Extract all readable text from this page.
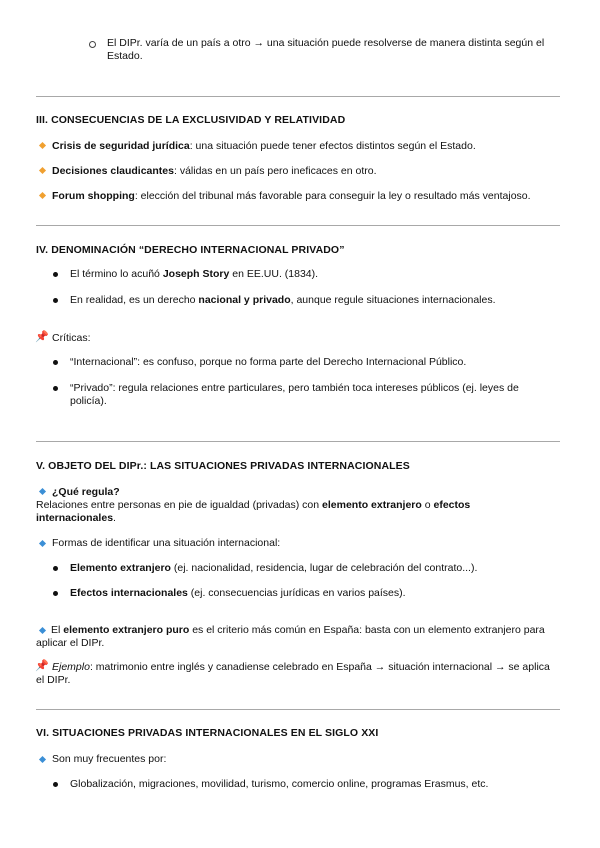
El DIPr. varía de un país a otro → una situación puede resolverse de manera distinta según el Estado.
III. CONSECUENCIAS DE LA EXCLUSIVIDAD Y RELATIVIDAD
Crisis de seguridad jurídica: una situación puede tener efectos distintos según el Estado.
Decisiones claudicantes: válidas en un país pero ineficaces en otro.
Forum shopping: elección del tribunal más favorable para conseguir la ley o resultado más ventajoso.
IV. DENOMINACIÓN “DERECHO INTERNACIONAL PRIVADO”
El término lo acuñó Joseph Story en EE.UU. (1834).
En realidad, es un derecho nacional y privado, aunque regule situaciones internacionales.
📌 Críticas:
“Internacional”: es confuso, porque no forma parte del Derecho Internacional Público.
“Privado”: regula relaciones entre particulares, pero también toca intereses públicos (ej. leyes de policía).
V. OBJETO DEL DIPr.: LAS SITUACIONES PRIVADAS INTERNACIONALES
¿Qué regula?
Relaciones entre personas en pie de igualdad (privadas) con elemento extranjero o efectos internacionales.
Formas de identificar una situación internacional:
Elemento extranjero (ej. nacionalidad, residencia, lugar de celebración del contrato...).
Efectos internacionales (ej. consecuencias jurídicas en varios países).
El elemento extranjero puro es el criterio más común en España: basta con un elemento extranjero para aplicar el DIPr.
📌 Ejemplo: matrimonio entre inglés y canadiense celebrado en España → situación internacional → se aplica el DIPr.
VI. SITUACIONES PRIVADAS INTERNACIONALES EN EL SIGLO XXI
Son muy frecuentes por:
Globalización, migraciones, movilidad, turismo, comercio online, programas Erasmus, etc.
